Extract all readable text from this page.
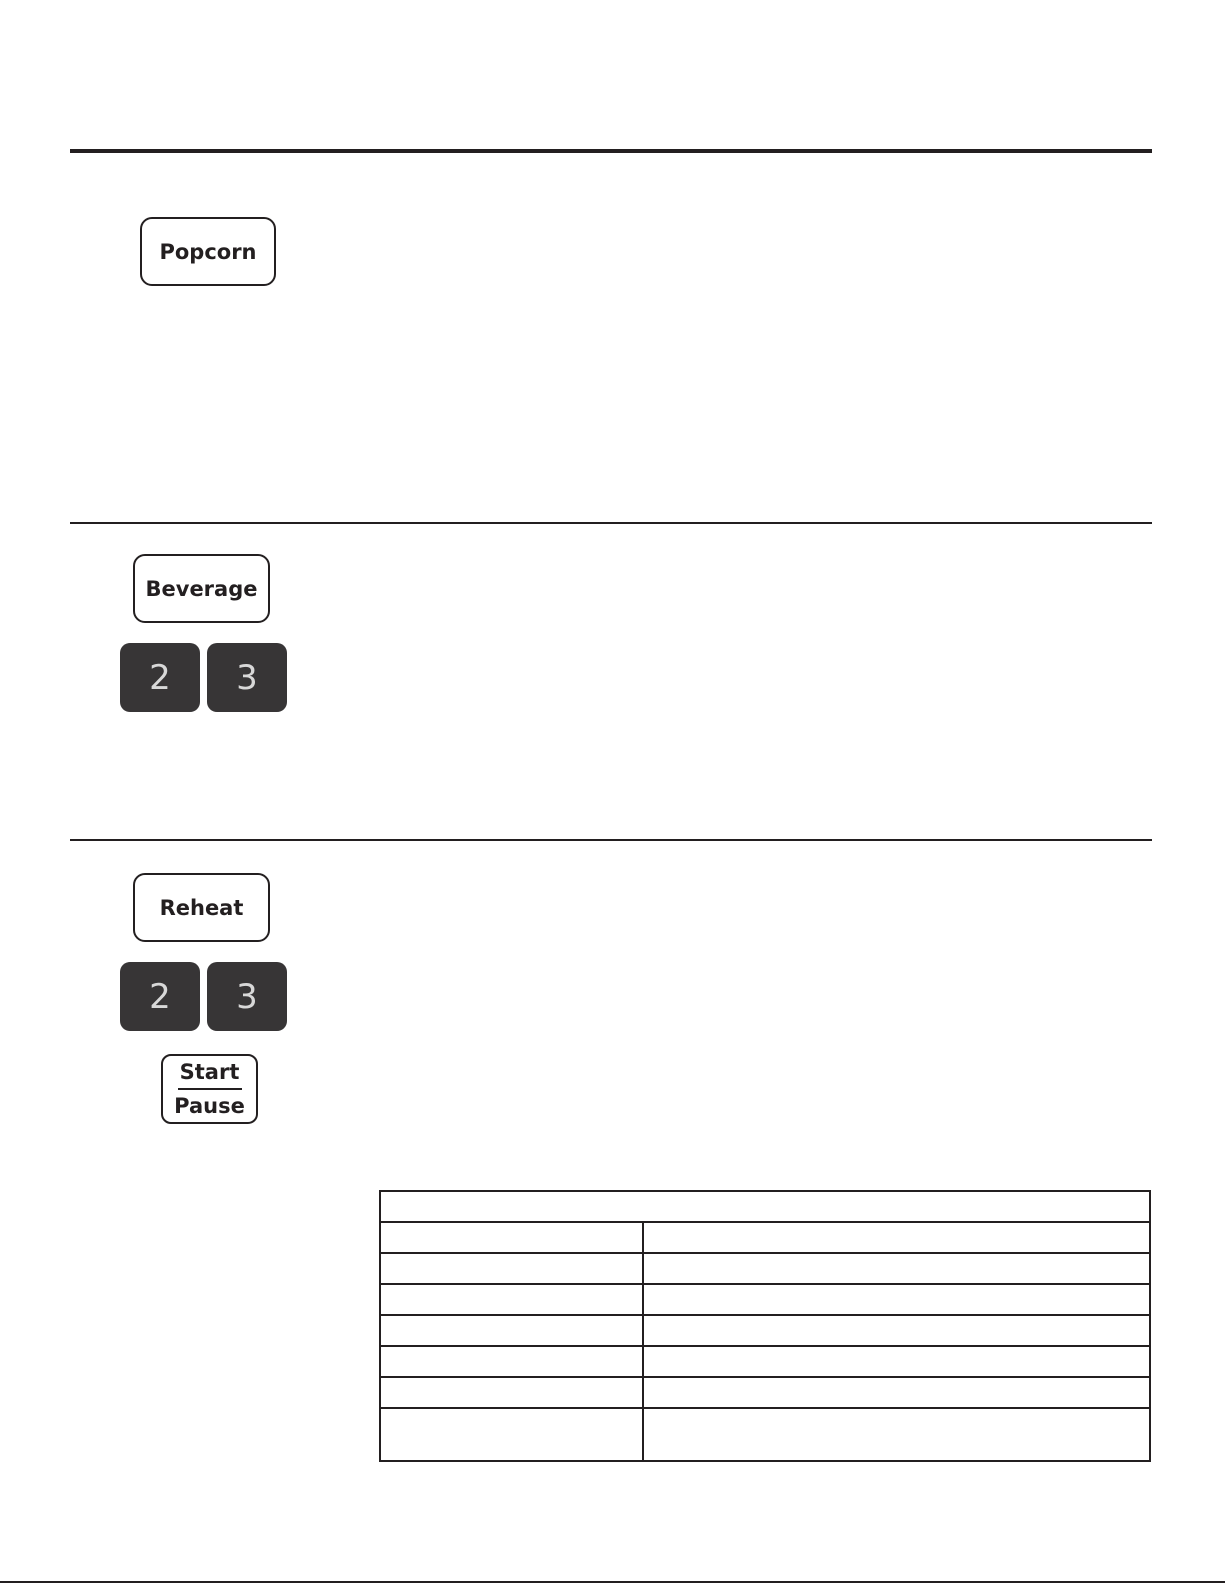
Popcorn
Beverage
2	3
Reheat
2	3
Start
Pause
